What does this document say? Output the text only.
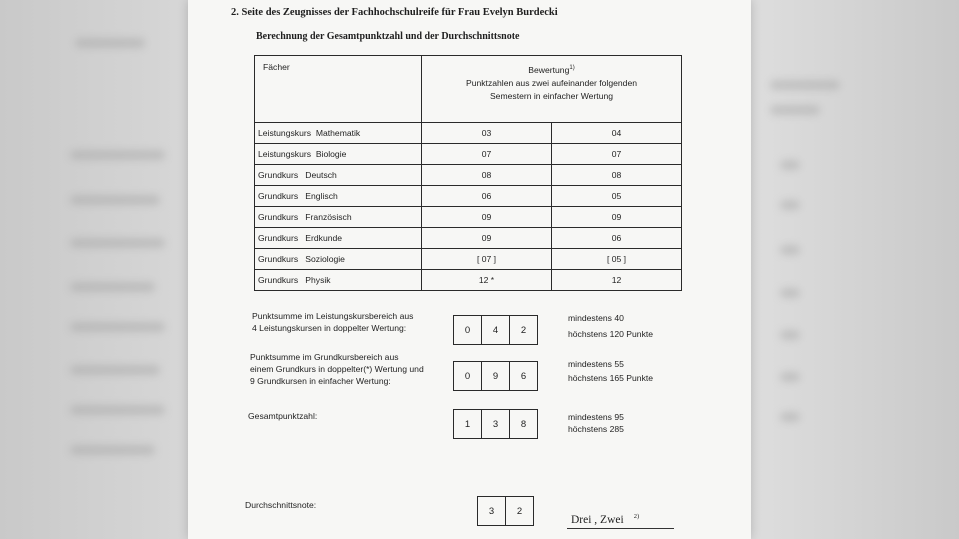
2. Seite des Zeugnisses der Fachhochschulreife für Frau Evelyn Burdecki
Berechnung der Gesamtpunktzahl und der Durchschnittsnote
Fächer	Bewertung$^{1)}$
Punktzahlen aus zwei aufeinander folgenden
Semestern in einfacher Wertung	
Leistungskurs Mathematik	03	04
Leistungskurs Biologie	07	07
Grundkurs Deutsch	08	08
Grundkurs Englisch	06	05
Grundkurs Französisch	09	09
Grundkurs Erdkunde	09	06
Grundkurs Soziologie	[ 07 ]	[ 05 ]
Grundkurs Physik	12 *	12
Punktsumme im Leistungskursbereich aus
4 Leistungskursen in doppelter Wertung:	0	4	2
mindestens 40
höchstens 120 Punkte
Punktsumme im Grundkursbereich aus
einem Grundkurs in doppelter(*) Wertung und
9 Grundkursen in einfacher Wertung:	0	9	6
mindestens 55
höchstens 165 Punkte
Gesamtpunktzahl:
1	3	8
mindestens 95
höchstens 285
Durchschnittsnote:
3	2
Drei , Zwei $^{2)}$
